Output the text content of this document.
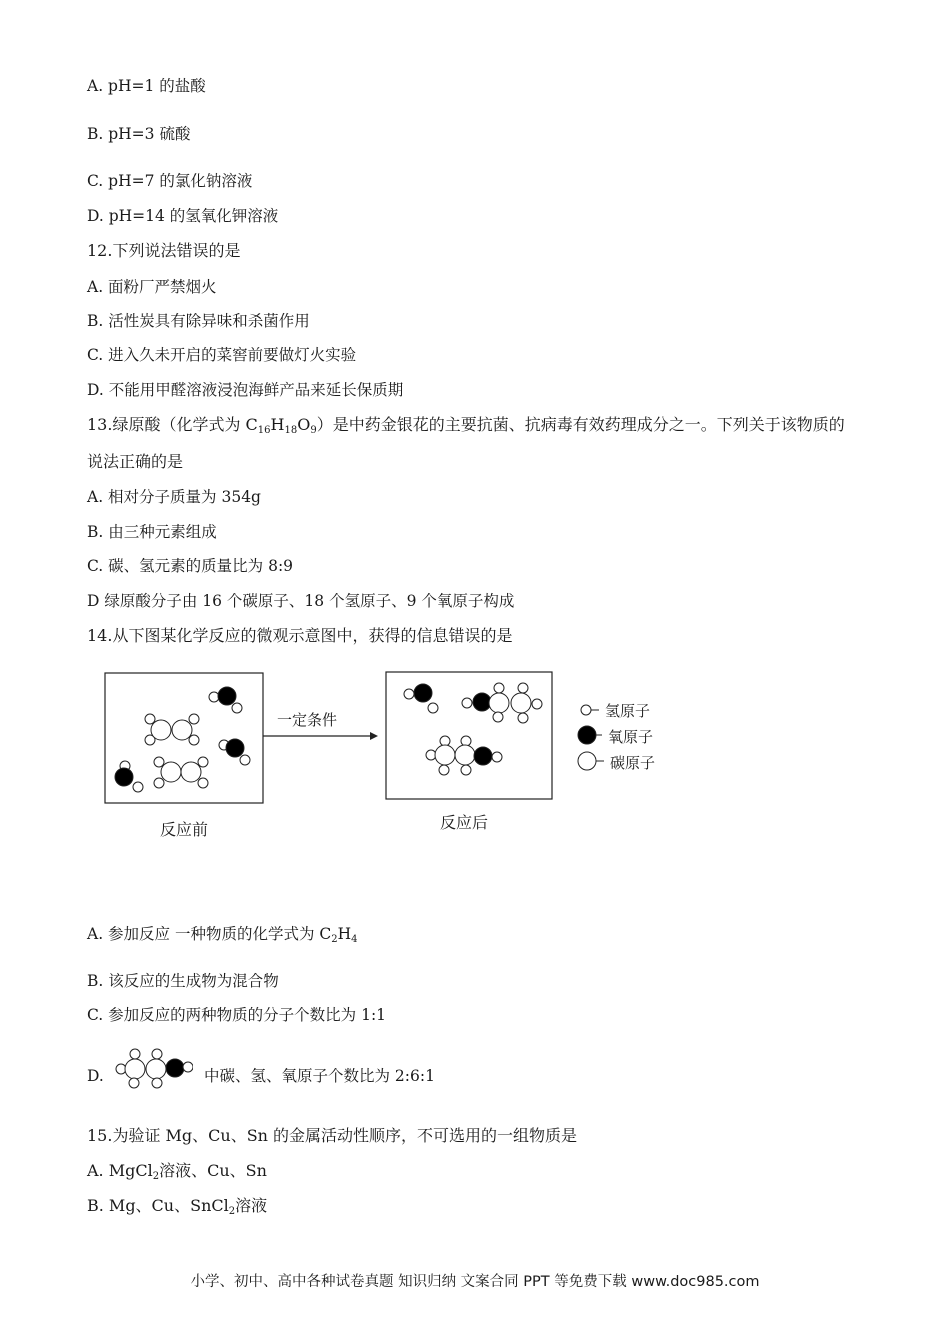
A. pH=1 的盐酸
B. pH=3 硫酸
C. pH=7 的氯化钠溶液
D. pH=14 的氢氧化钾溶液
12.下列说法错误的是
A. 面粉厂严禁烟火
B. 活性炭具有除异味和杀菌作用
C. 进入久未开启的菜窖前要做灯火实验
D. 不能用甲醛溶液浸泡海鲜产品来延长保质期
13.绿原酸（化学式为 $C_{16}H_{18}O_9$）是中药金银花的主要抗菌、抗病毒有效药理成分之一。下列关于该物质的
说法正确的是
A. 相对分子质量为 354g
B. 由三种元素组成
C. 碳、氢元素的质量比为 8:9
D 绿原酸分子由 16 个碳原子、18 个氢原子、9 个氧原子构成
14.从下图某化学反应的微观示意图中，获得的信息错误的是
一定条件
反应前	反应后
氢原子
氧原子
碳原子
A. 参加反应 一种物质的化学式为 $C_2H_4$
B. 该反应的生成物为混合物
C. 参加反应的两种物质的分子个数比为 1:1
D.	中碳、氢、氧原子个数比为 2:6:1
15.为验证 Mg、Cu、Sn 的金属活动性顺序，不可选用的一组物质是
A. MgCl$_2$溶液、Cu、Sn
B. Mg、Cu、SnCl$_2$溶液
小学、初中、高中各种试卷真题 知识归纳 文案合同 PPT 等免费下载 www.doc985.com
